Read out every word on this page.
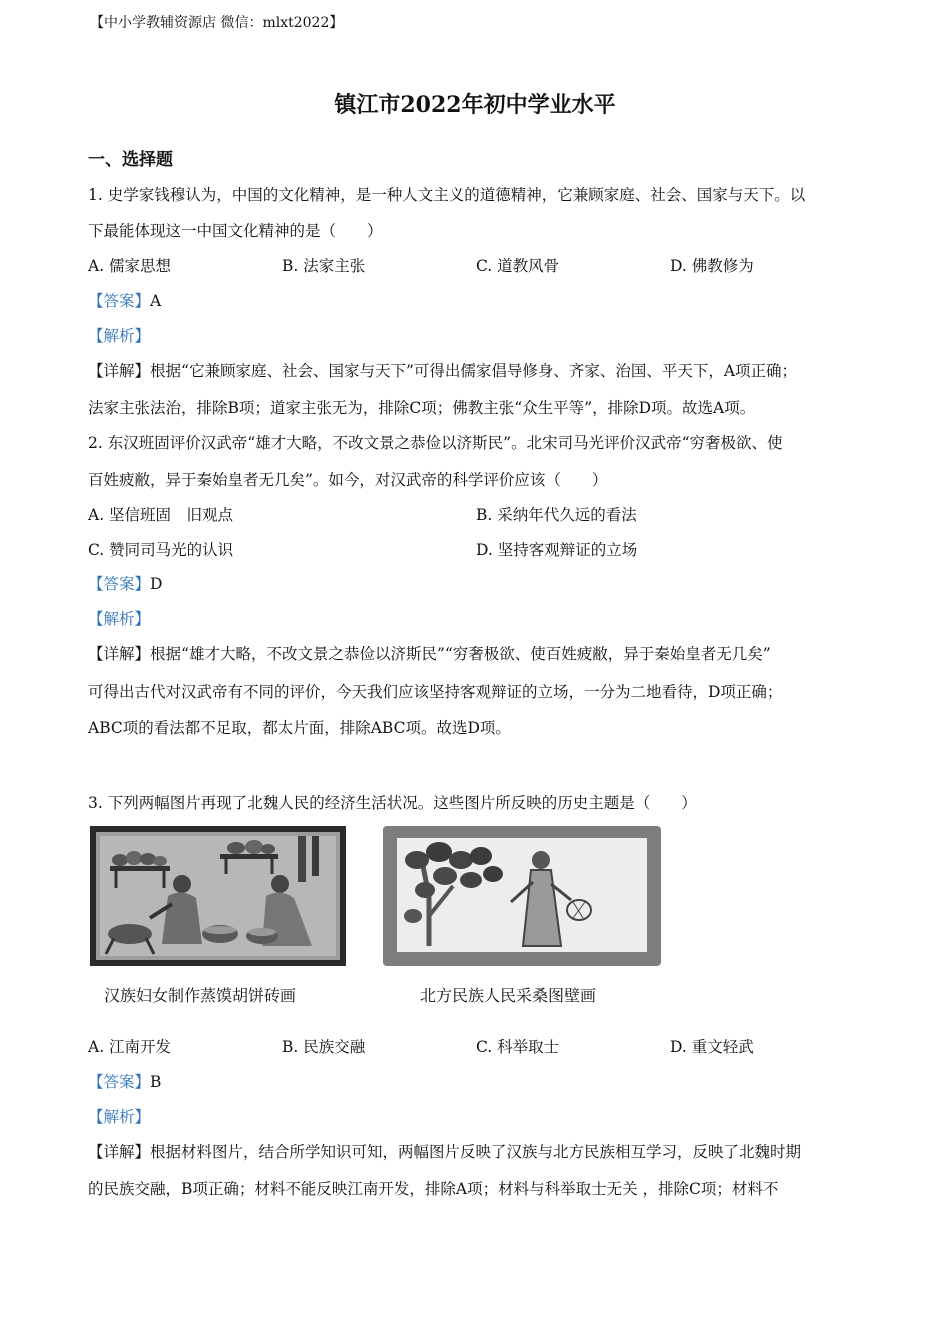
【中小学教辅资源店 微信：mlxt2022】
镇江市2022年初中学业水平
一、选择题
1. 史学家钱穆认为，中国的文化精神，是一种人文主义的道德精神，它兼顾家庭、社会、国家与天下。以
下最能体现这一中国文化精神的是（　　）
A. 儒家思想	B. 法家主张	C. 道教风骨	D. 佛教修为
【答案】A
【解析】
【详解】根据“它兼顾家庭、社会、国家与天下”可得出儒家倡导修身、齐家、治国、平天下，A项正确；
法家主张法治，排除B项；道家主张无为，排除C项；佛教主张“众生平等”，排除D项。故选A项。
2. 东汉班固评价汉武帝“雄才大略，不改文景之恭俭以济斯民”。北宋司马光评价汉武帝“穷奢极欲、使
百姓疲敝，异于秦始皇者无几矣”。如今，对汉武帝的科学评价应该（　　）
A. 坚信班固　旧观点	B. 采纳年代久远的看法
C. 赞同司马光的认识	D. 坚持客观辩证的立场
【答案】D
【解析】
【详解】根据“雄才大略，不改文景之恭俭以济斯民”“穷奢极欲、使百姓疲敝，异于秦始皇者无几矣”
可得出古代对汉武帝有不同的评价，今天我们应该坚持客观辩证的立场，一分为二地看待，D项正确；
ABC项的看法都不足取，都太片面，排除ABC项。故选D项。
3. 下列两幅图片再现了北魏人民的经济生活状况。这些图片所反映的历史主题是（　　）
汉族妇女制作蒸馍胡饼砖画	北方民族人民采桑图壁画
A. 江南开发	B. 民族交融	C. 科举取士	D. 重文轻武
【答案】B
【解析】
【详解】根据材料图片，结合所学知识可知，两幅图片反映了汉族与北方民族相互学习，反映了北魏时期
的民族交融，B项正确；材料不能反映江南开发，排除A项；材料与科举取士无关 ，排除C项；材料不
